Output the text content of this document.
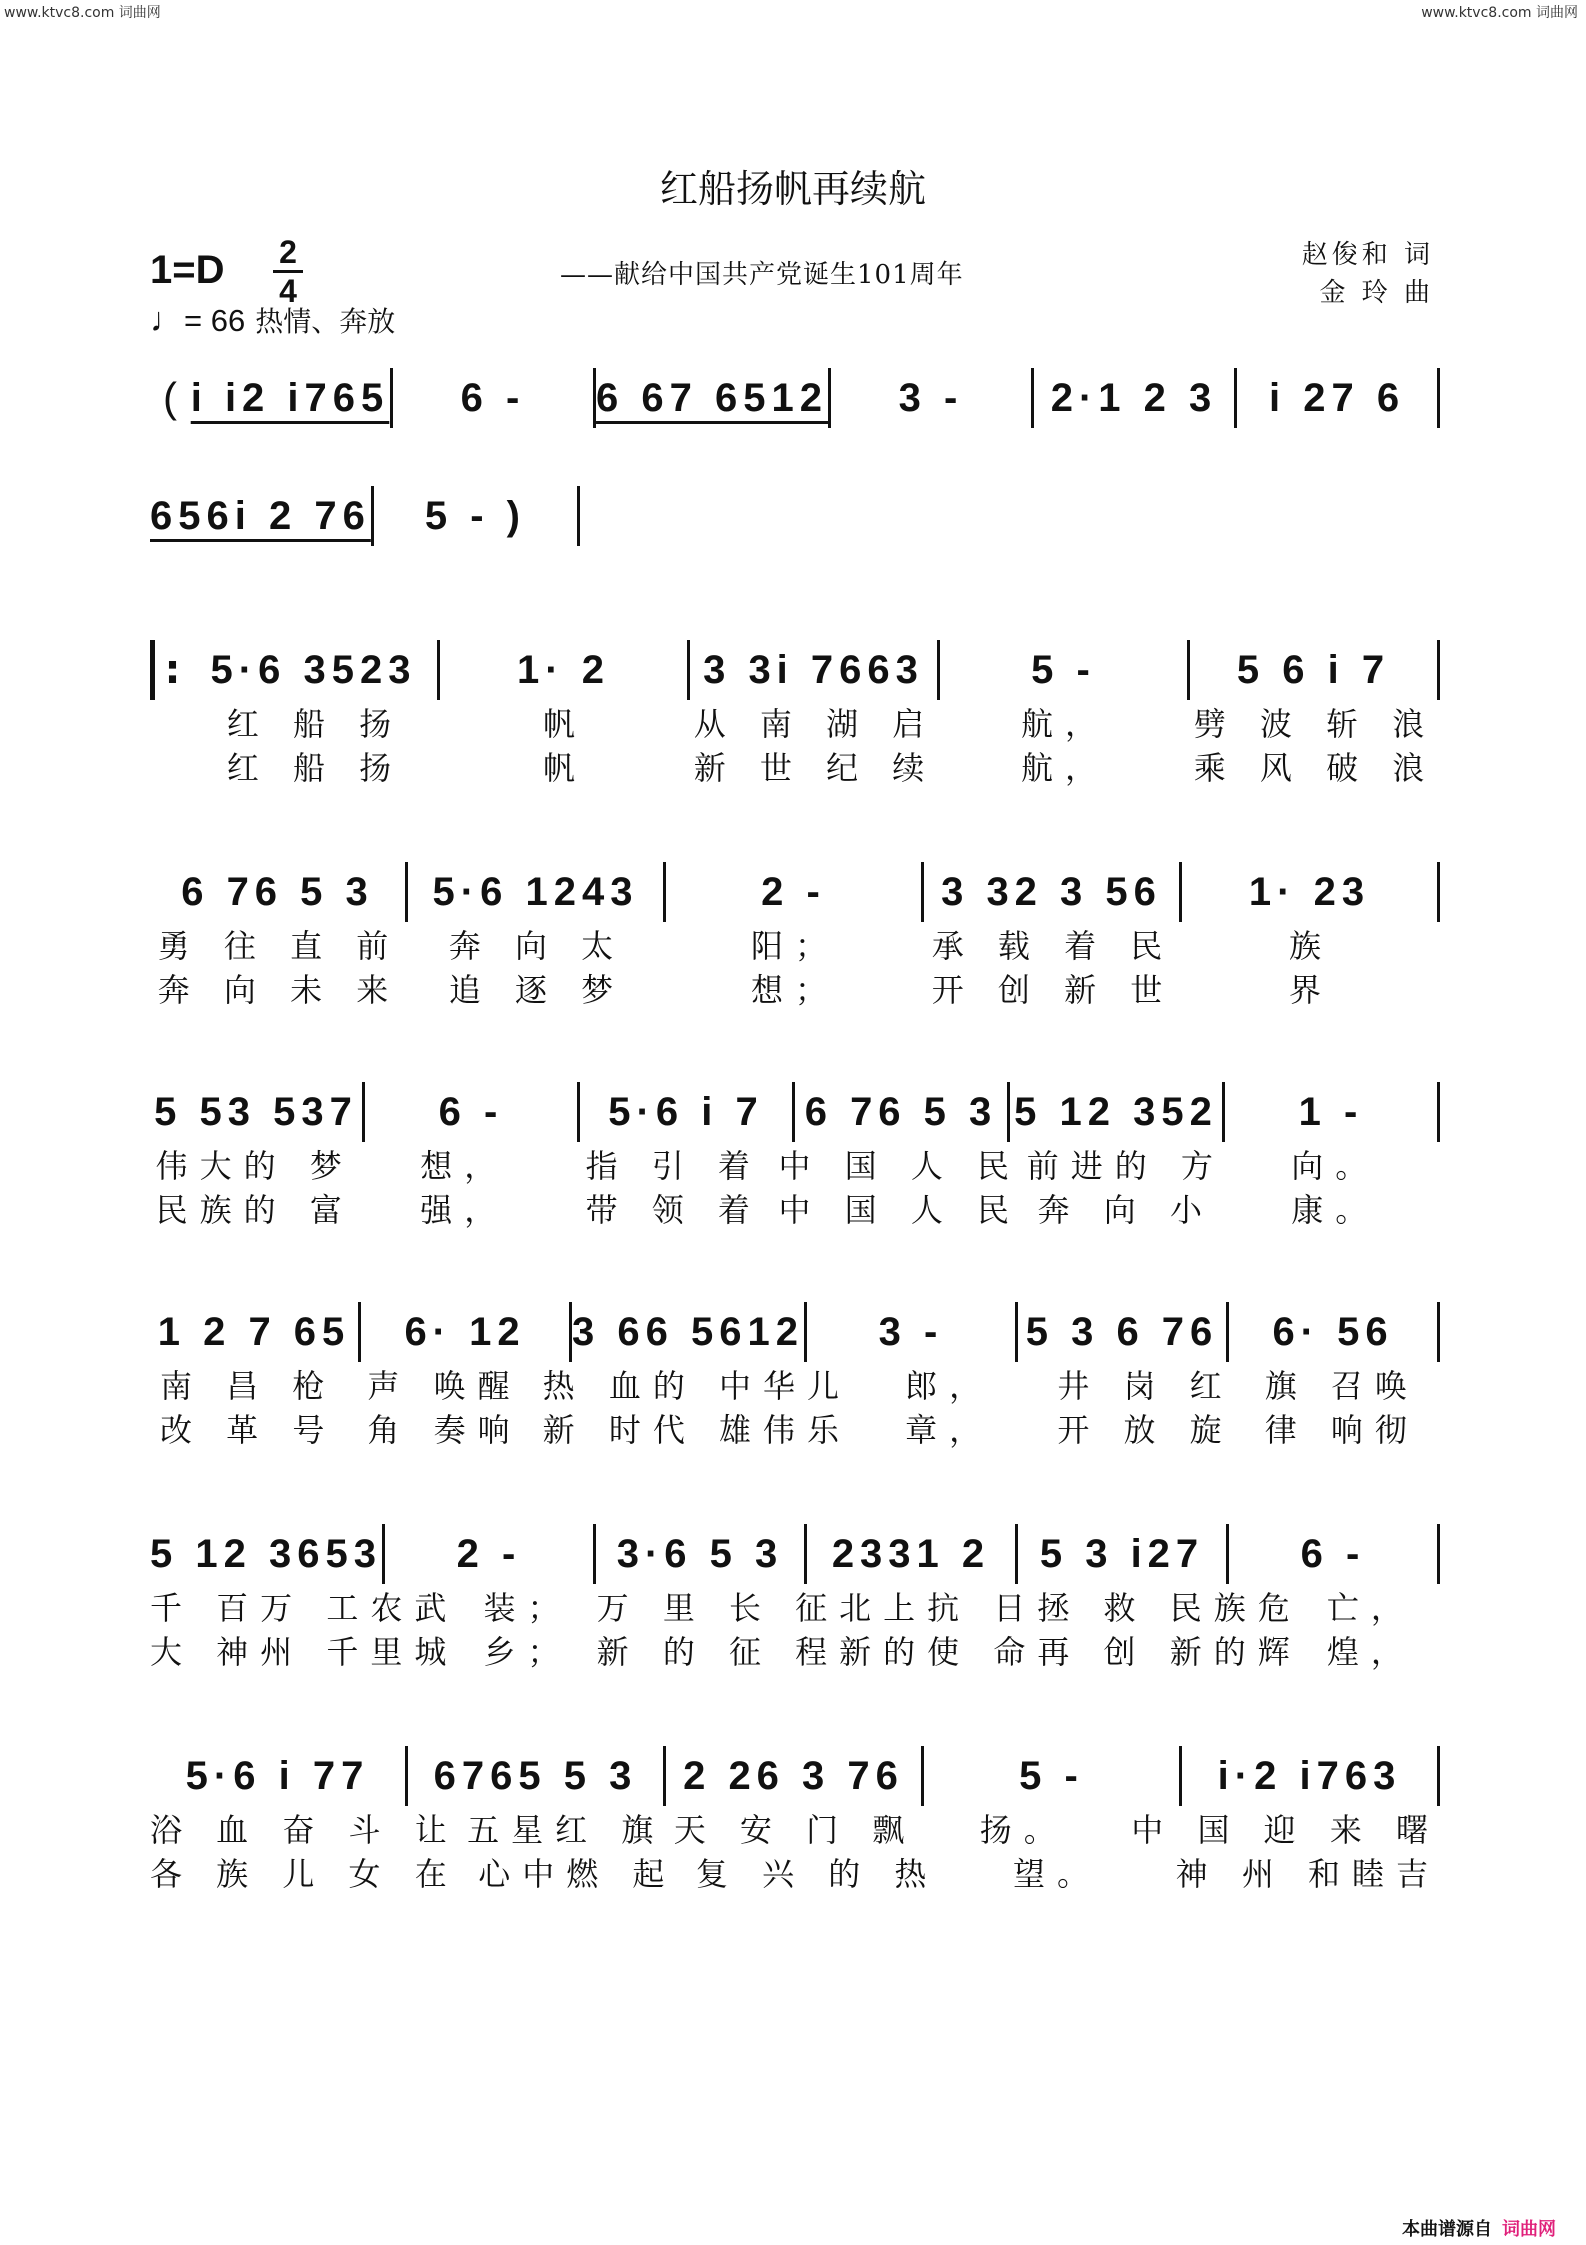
www.ktvc8.com 词曲网	www.ktvc8.com 词曲网
红船扬帆再续航
1=D	2
4
♩= 66 热情、奔放
——献给中国共产党诞生101周年
赵俊和 词
金 玲 曲
( i i2 i765	6 -	6 67 6512	3 -	2·1 2 3	i 27 6
656i 2 76	5 - )
: 5·6 3523	1· 2	3 3i 7663	5 -	5 6 i 7
红 船 扬	帆	从 南 湖 启	航，	劈 波 斩 浪
红 船 扬	帆	新 世 纪 续	航，	乘 风 破 浪
6 76 5 3	5·6 1243	2 -	3 32 3 56	1· 23
勇 往 直 前	奔 向 太	阳；	承 载 着 民	族
奔 向 未 来	追 逐 梦	想；	开 创 新 世	界
5 53 537	6 -	5·6 i 7	6 76 5 3 5 12 352	1 -
伟大的 梦	想，	指 引 着 中 国 人 民 前进的 方	向。
民族的 富	强，	带 领 着 中 国 人 民 奔 向 小	康。
1 2 7 65	6· 12	3 66 5612	3 -	5 3 6 76	6· 56
南 昌 枪 声 唤醒 热 血的 中华儿	郎，	井 岗 红 旗 召唤
改 革 号 角 奏响 新 时代 雄伟乐	章，	开 放 旋 律 响彻
5 12 3653	2 -	3·6 5 3	2331 2	5 3 i27	6 -
千 百万 工农武 装； 万 里 长 征 北上抗 日 拯 救 民族危 亡，
大 神州 千里城 乡； 新 的 征 程 新的使 命 再 创 新的辉 煌，
5·6 i 77	6765 5 3	2 26 3 76	5 -	i·2 i763
浴 血 奋 斗 让 五星红 旗 天 安 门 飘	扬。	中 国 迎 来 曙
各 族 儿 女 在 心中燃 起 复 兴 的 热	望。	神 州 和睦吉
本曲谱源自 词曲网
